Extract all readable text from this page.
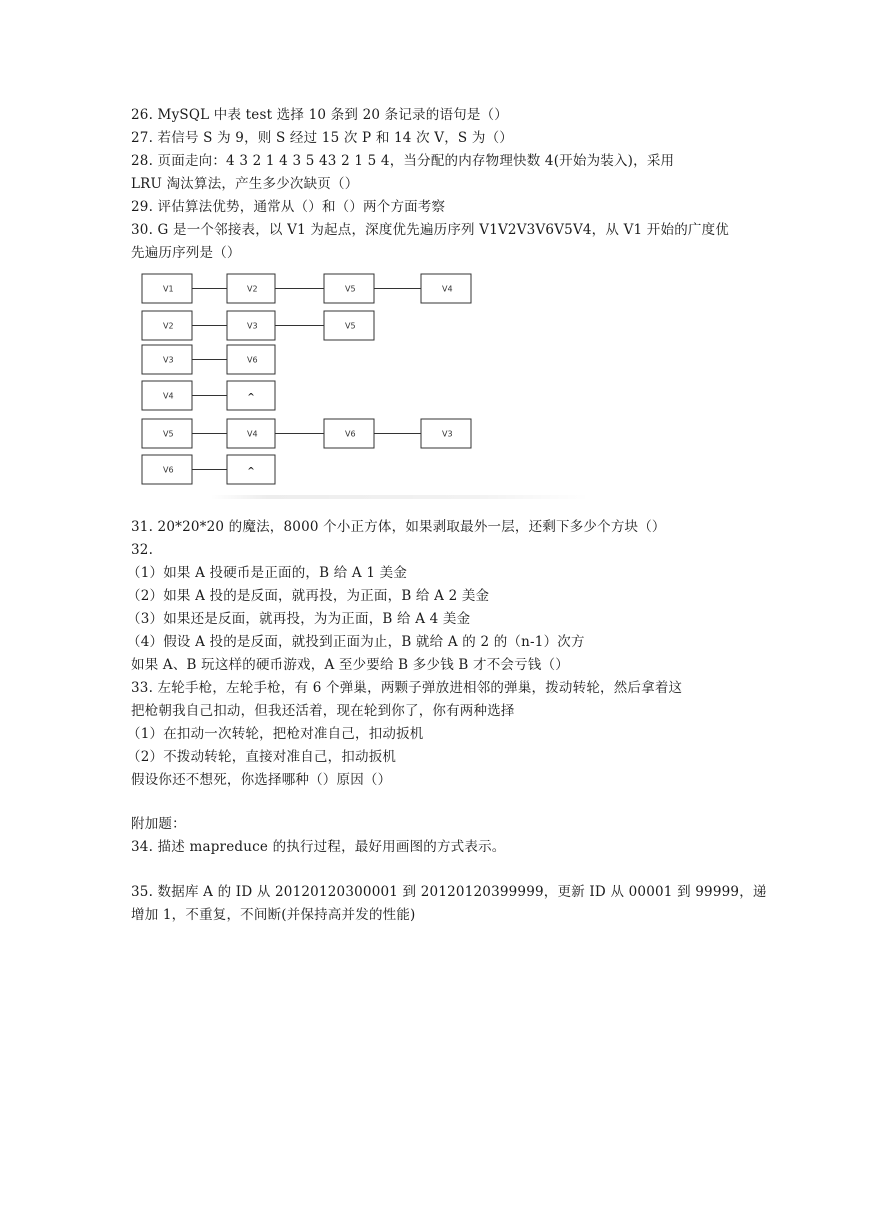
26. MySQL 中表 test 选择 10 条到 20 条记录的语句是（）
27. 若信号 S 为 9，则 S 经过 15 次 P 和 14 次 V，S 为（）
28. 页面走向：4 3 2 1 4 3 5 43 2 1 5 4，当分配的内存物理快数 4(开始为装入)，采用
LRU 淘汰算法，产生多少次缺页（）
29. 评估算法优势，通常从（）和（）两个方面考察
30. G 是一个邻接表，以 V1 为起点，深度优先遍历序列 V1V2V3V6V5V4，从 V1 开始的广度优
先遍历序列是（）
V1	V2	V5	V4
V2	V3	V5
V3	V6
V4	^
V5	V4	V6	V3
V6	^
31. 20*20*20 的魔法，8000 个小正方体，如果剥取最外一层，还剩下多少个方块（）
32.
（1）如果 A 投硬币是正面的，B 给 A 1 美金
（2）如果 A 投的是反面，就再投，为正面，B 给 A 2 美金
（3）如果还是反面，就再投，为为正面，B 给 A 4 美金
（4）假设 A 投的是反面，就投到正面为止，B 就给 A 的 2 的（n-1）次方
如果 A、B 玩这样的硬币游戏，A 至少要给 B 多少钱 B 才不会亏钱（）
33. 左轮手枪，左轮手枪，有 6 个弹巢，两颗子弹放进相邻的弹巢，拨动转轮，然后拿着这
把枪朝我自己扣动，但我还活着，现在轮到你了，你有两种选择
（1）在扣动一次转轮，把枪对准自己，扣动扳机
（2）不拨动转轮，直接对准自己，扣动扳机
假设你还不想死，你选择哪种（）原因（）
附加题：
34. 描述 mapreduce 的执行过程，最好用画图的方式表示。
35. 数据库 A 的 ID 从 20120120300001 到 20120120399999，更新 ID 从 00001 到 99999，递
增加 1，不重复，不间断(并保持高并发的性能)
